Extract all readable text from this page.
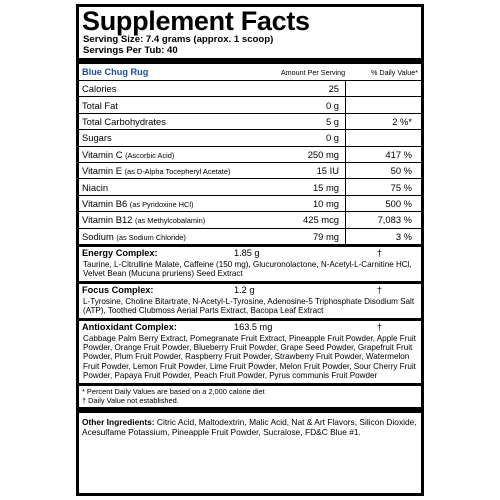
Supplement Facts
Serving Size: 7.4 grams (approx. 1 scoop)
Servings Per Tub: 40
Blue Chug Rug	Amount Per Serving	% Daily Value*
Calories	25
Total Fat	0 g
Total Carbohydrates	5 g	2 %*
Sugars	0 g
Vitamin C (Ascorbic Acid)	250 mg	417 %
Vitamin E (as D-Alpha Tocepheryl Acetate)	15 IU	50 %
Niacin	15 mg	75 %
Vitamin B6 (as Pyridoxine HCl)	10 mg	500 %
Vitamin B12 (as Methylcobalamin)	425 mcg	7,083 %
Sodium (as Sodium Chloride)	79 mg	3 %
Energy Complex:	1.85 g	†
Taurine, L-Citrulline Malate, Caffeine (150 mg), Glucuronolactone, N-Acetyl-L-Carnitine HCl, Velvet Bean (Mucuna pruriens) Seed Extract
Focus Complex:	1.2 g	†
L-Tyrosine, Choline Bitartrate, N-Acetyl-L-Tyrosine, Adenosine-5 Triphosphate Disodium Salt (ATP), Toothed Clubmoss Aerial Parts Extract, Bacopa Leaf Extract
Antioxidant Complex:	163.5 mg	†
Cabbage Palm Berry Extract, Pomegranate Fruit Extract, Pineapple Fruit Powder, Apple Fruit Powder, Orange Fruit Powder, Blueberry Fruit Powder, Grape Seed Powder, Grapefruit Fruit Powder, Plum Fruit Powder, Raspberry Fruit Powder, Strawberry Fruit Powder, Watermelon Fruit Powder, Lemon Fruit Powder, Lime Fruit Powder, Melon Fruit Powder, Sour Cherry Fruit Powder, Papaya Fruit Powder, Peach Fruit Powder, Pyrus communis Fruit Powder
* Percent Daily Values are based on a 2,000 calorie diet
† Daily Value not established.
Other Ingredients: Citric Acid, Maltodextrin, Malic Acid, Nat & Art Flavors, Silicon Dioxide, Acesulfame Potassium, Pineapple Fruit Powder, Sucralose, FD&C Blue #1.
